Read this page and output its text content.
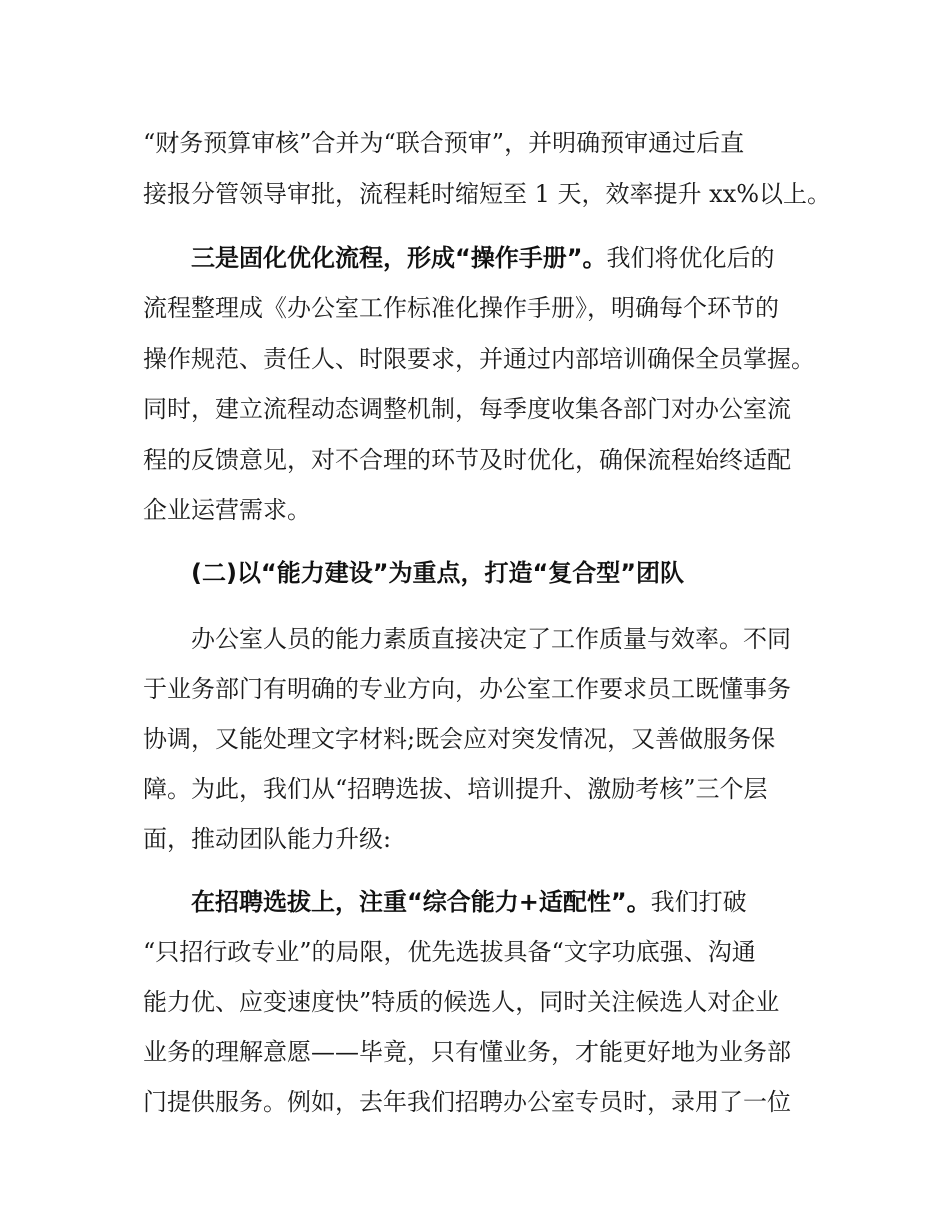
“财务预算审核”合并为“联合预审”，并明确预审通过后直
接报分管领导审批，流程耗时缩短至 1 天，效率提升 xx%以上。
三是固化优化流程，形成“操作手册”。我们将优化后的
流程整理成《办公室工作标准化操作手册》，明确每个环节的
操作规范、责任人、时限要求，并通过内部培训确保全员掌握。
同时，建立流程动态调整机制，每季度收集各部门对办公室流
程的反馈意见，对不合理的环节及时优化，确保流程始终适配
企业运营需求。
(二)以“能力建设”为重点，打造“复合型”团队
办公室人员的能力素质直接决定了工作质量与效率。不同
于业务部门有明确的专业方向，办公室工作要求员工既懂事务
协调，又能处理文字材料;既会应对突发情况，又善做服务保
障。为此，我们从“招聘选拔、培训提升、激励考核”三个层
面，推动团队能力升级:
在招聘选拔上，注重“综合能力+适配性”。我们打破
“只招行政专业”的局限，优先选拔具备“文字功底强、沟通
能力优、应变速度快”特质的候选人，同时关注候选人对企业
业务的理解意愿——毕竟，只有懂业务，才能更好地为业务部
门提供服务。例如，去年我们招聘办公室专员时，录用了一位
